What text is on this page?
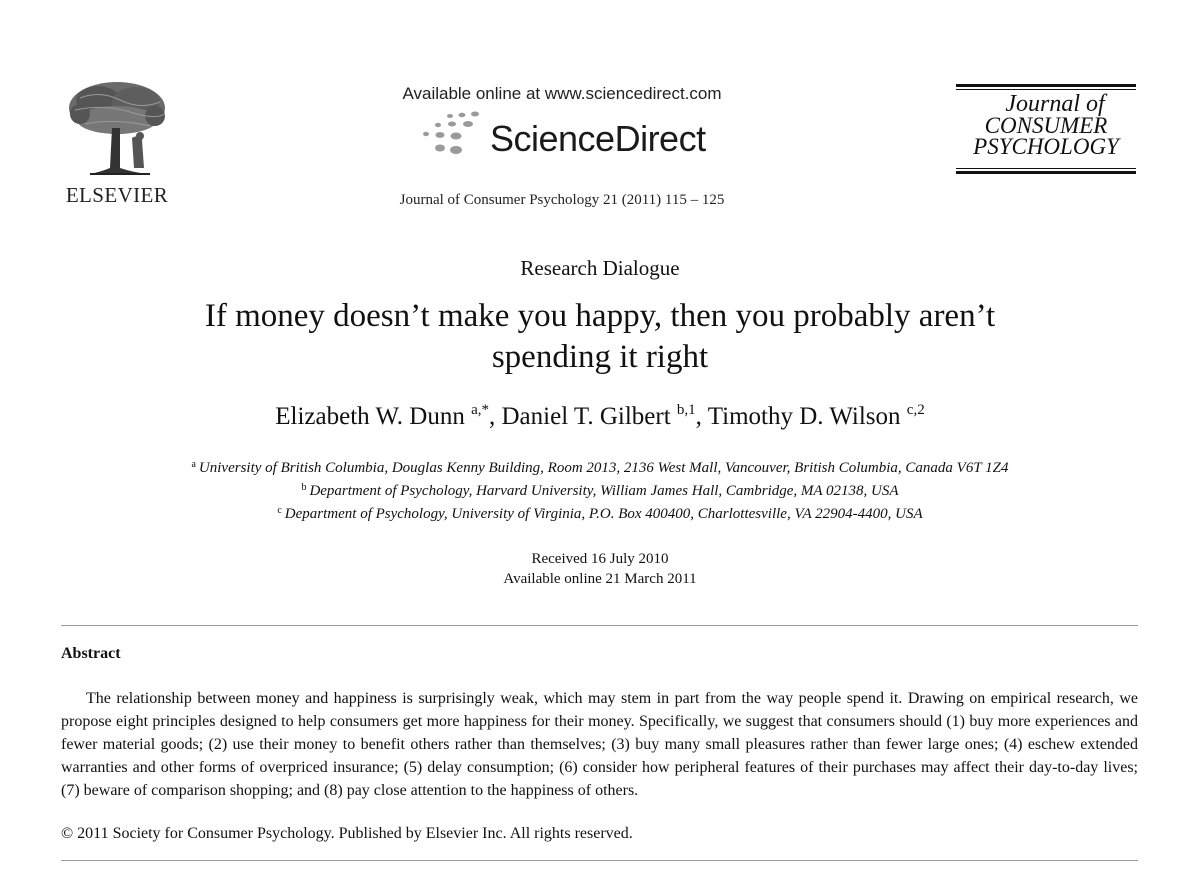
ELSEVIER
Available online at www.sciencedirect.com
ScienceDirect
Journal of Consumer Psychology 21 (2011) 115 – 125
Journal of
CONSUMER
PSYCHOLOGY
Research Dialogue
If money doesn’t make you happy, then you probably aren’t
spending it right
Elizabeth W. Dunn $^{a,*}$, Daniel T. Gilbert $^{b,1}$, Timothy D. Wilson $^{c,2}$
$^a$ University of British Columbia, Douglas Kenny Building, Room 2013, 2136 West Mall, Vancouver, British Columbia, Canada V6T 1Z4
$^b$ Department of Psychology, Harvard University, William James Hall, Cambridge, MA 02138, USA
$^c$ Department of Psychology, University of Virginia, P.O. Box 400400, Charlottesville, VA 22904-4400, USA
Received 16 July 2010
Available online 21 March 2011
Abstract
The relationship between money and happiness is surprisingly weak, which may stem in part from the way people spend it. Drawing on empirical research, we propose eight principles designed to help consumers get more happiness for their money. Specifically, we suggest that consumers should (1) buy more experiences and fewer material goods; (2) use their money to benefit others rather than themselves; (3) buy many small pleasures rather than fewer large ones; (4) eschew extended warranties and other forms of overpriced insurance; (5) delay consumption; (6) consider how peripheral features of their purchases may affect their day-to-day lives; (7) beware of comparison shopping; and (8) pay close attention to the happiness of others.
© 2011 Society for Consumer Psychology. Published by Elsevier Inc. All rights reserved.
